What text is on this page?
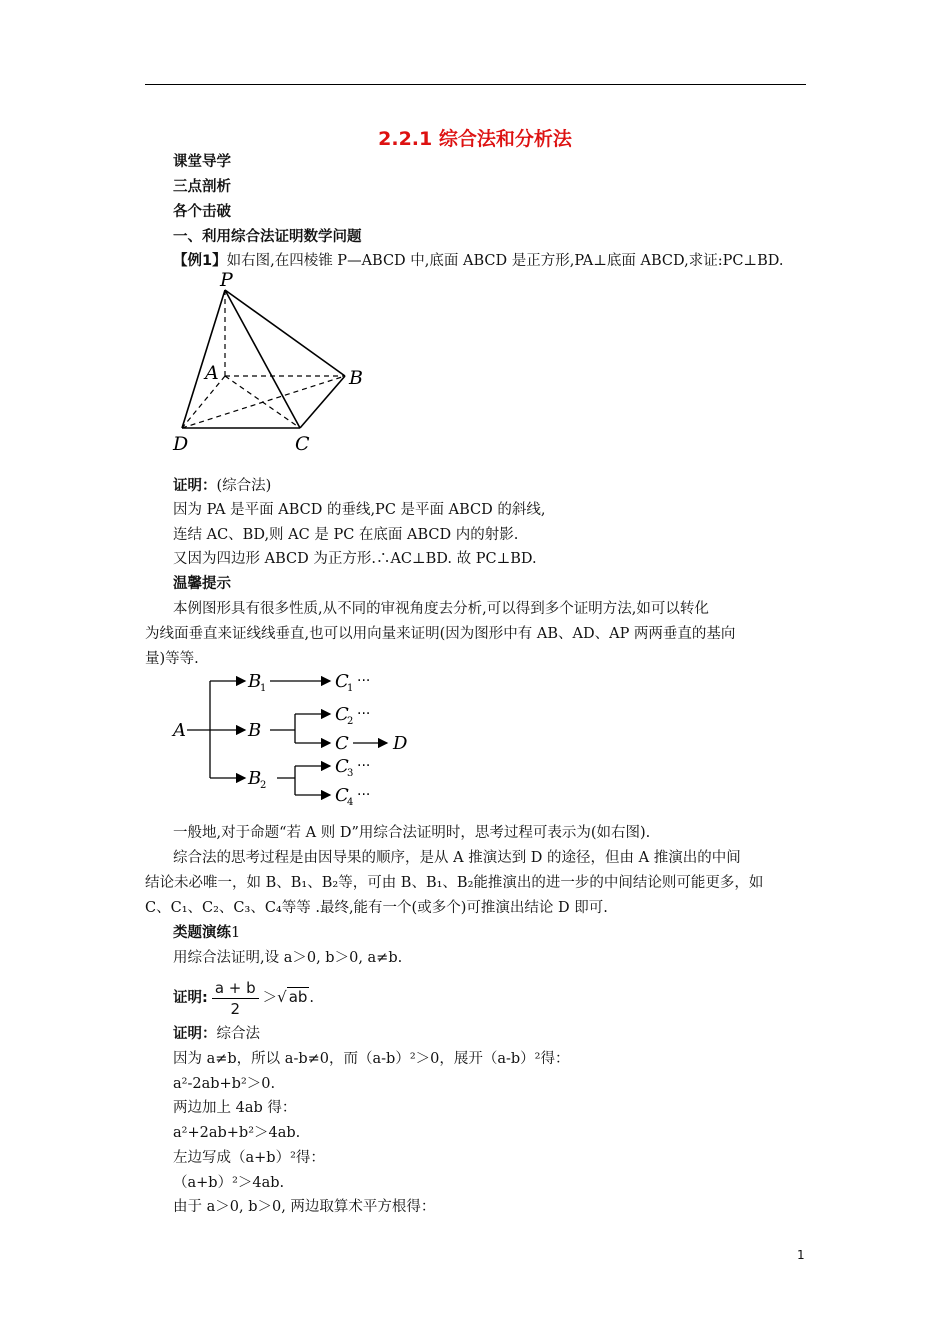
2.2.1 综合法和分析法
课堂导学
三点剖析
各个击破
一、利用综合法证明数学问题
【例1】如右图,在四棱锥 P—ABCD 中,底面 ABCD 是正方形,PA⊥底面 ABCD,求证:PC⊥BD.
P
A	B
C
D
证明：(综合法)
因为 PA 是平面 ABCD 的垂线,PC 是平面 ABCD 的斜线,
连结 AC、BD,则 AC 是 PC 在底面 ABCD 内的射影.
又因为四边形 ABCD 为正方形.∴AC⊥BD. 故 PC⊥BD.
温馨提示
本例图形具有很多性质,从不同的审视角度去分析,可以得到多个证明方法,如可以转化
为线面垂直来证线线垂直,也可以用向量来证明(因为图形中有 AB、AD、AP 两两垂直的基向
量)等等.
A
B
B
B
C
C
C D
C
C
1
2
1
2
3
4
···
···
···
···
一般地,对于命题“若 A 则 D”用综合法证明时，思考过程可表示为(如右图).
综合法的思考过程是由因导果的顺序，是从 A 推演达到 D 的途径，但由 A 推演出的中间
结论未必唯一，如 B、B₁、B₂等，可由 B、B₁、B₂能推演出的进一步的中间结论则可能更多，如
C、C₁、C₂、C₃、C₄等等 .最终,能有一个(或多个)可推演出结论 D 即可.
类题演练1
用综合法证明,设 a＞0, b＞0, a≠b.
证明: $\frac{a + b}{2}$ ＞√ ab .
证明：综合法
因为 a≠b，所以 a-b≠0，而（a-b）²＞0，展开（a-b）²得：
a²-2ab+b²＞0.
两边加上 4ab 得：
a²+2ab+b²＞4ab.
左边写成（a+b）²得：
（a+b）²＞4ab.
由于 a＞0, b＞0, 两边取算术平方根得：
1
